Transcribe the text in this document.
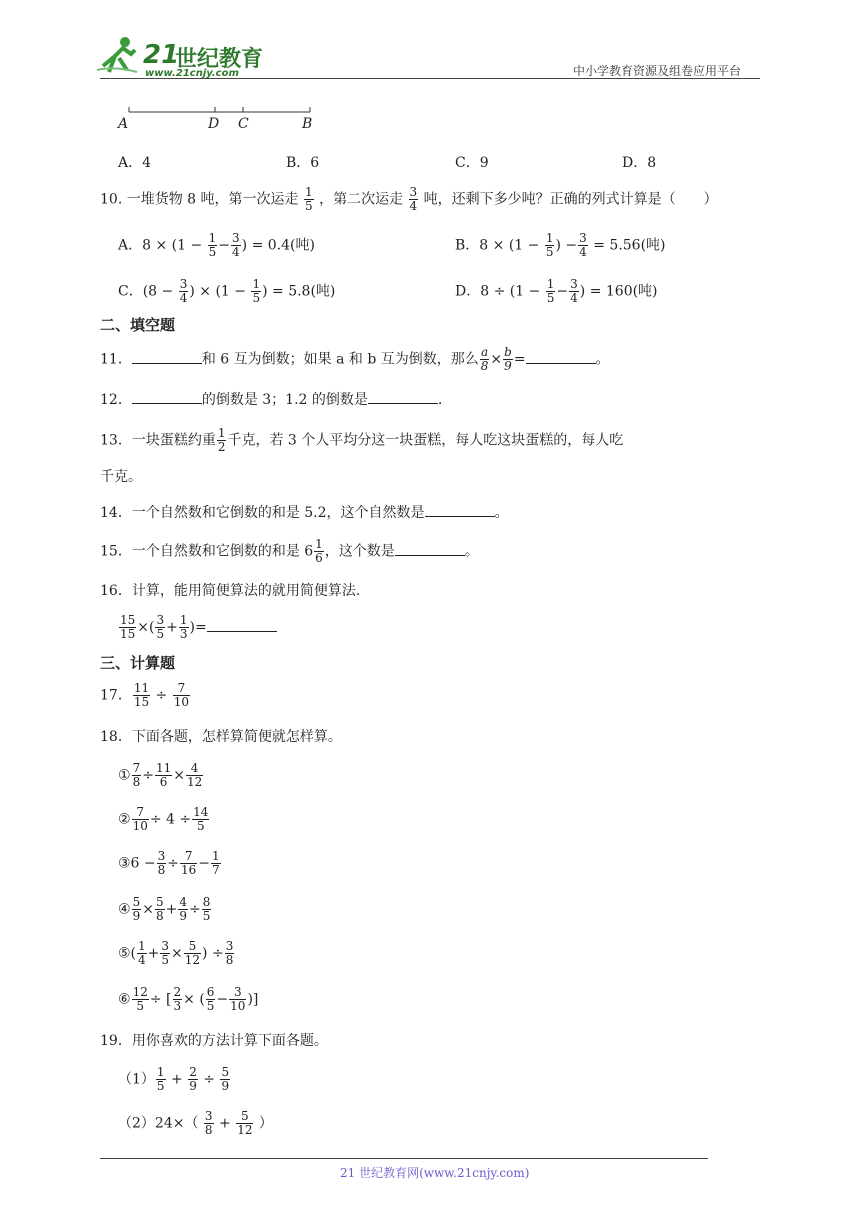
21
世纪教育
www.21cnjy.com	中小学教育资源及组卷应用平台
A	D C	B
A．4	B．6	C．9	D．8
10. 一堆货物 8 吨，第一次运走 $\frac{1}{5}$ ，第二次运走 $\frac{3}{4}$ 吨，还剩下多少吨？正确的列式计算是（　　）
A．$8 \times (1 - \frac{1}{5} - \frac{3}{4}$ ) = 0.4(吨)	B．$8 \times (1 - \frac{1}{5}$ ) − $\frac{3}{4} = 5.56$(吨)
C．($8 - \frac{3}{4}$ ) × ($1 - \frac{1}{5}$ ) = 5.8(吨)	D．$8 \div (1 - \frac{1}{5} - \frac{3}{4}$ ) = 160(吨)
二、填空题
11．	和 6 互为倒数；如果 a 和 b 互为倒数，那么 $\frac{a}{8} \times \frac{b}{9}$ =	。
12．	的倒数是 3；1.2 的倒数是	.
13．一块蛋糕约重 $\frac{1}{2}$ 千克，若 3 个人平均分这一块蛋糕，每人吃这块蛋糕的，每人吃
千克。
14．一个自然数和它倒数的和是 5.2，这个自然数是	。
15．一个自然数和它倒数的和是 $6 \frac{1}{6}$ ，这个数是	。
16．计算，能用简便算法的就用简便算法.
$\frac{15}{15}$ ×( $\frac{3}{5} + \frac{1}{3}$ )=
三、计算题
17． $\frac{11}{15} \div \frac{7}{10}$
18．下面各题，怎样算简便就怎样算。
① $\frac{7}{8} \div \frac{11}{6} \times \frac{4}{12}$
② $\frac{7}{10} \div 4 \div \frac{14}{5}$
③6 − $\frac{3}{8} \div \frac{7}{16} - \frac{1}{7}$
④ $\frac{5}{9} \times \frac{5}{8} + \frac{4}{9} \div \frac{8}{5}$
⑤( $\frac{1}{4} + \frac{3}{5} \times \frac{5}{12}$ ) ÷ $\frac{3}{8}$
⑥ $\frac{12}{5}$ ÷ [ $\frac{2}{3}$ × ( $\frac{6}{5} - \frac{3}{10}$ )]
19．用你喜欢的方法计算下面各题。
$(1) \frac{1}{5} + \frac{2}{9} \div \frac{5}{9}$
$(2)24\times( \frac{3}{8} + \frac{5}{12}$ ）
21 世纪教育网(www.21cnjy.com)
